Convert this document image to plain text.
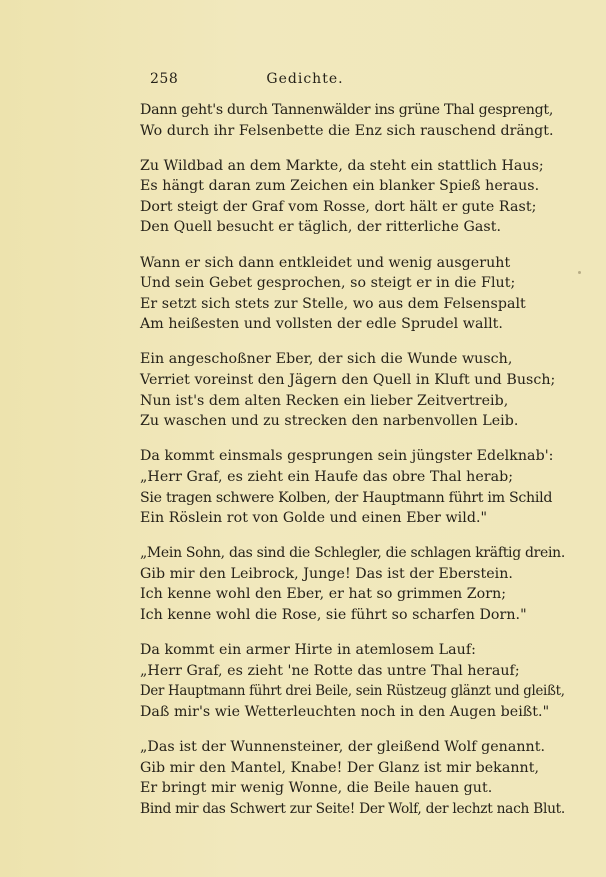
258	Gedichte.
Dann geht's durch Tannenwälder ins grüne Thal gesprengt,
Wo durch ihr Felsenbette die Enz sich rauschend drängt.
Zu Wildbad an dem Markte, da steht ein stattlich Haus;
Es hängt daran zum Zeichen ein blanker Spieß heraus.
Dort steigt der Graf vom Rosse, dort hält er gute Rast;
Den Quell besucht er täglich, der ritterliche Gast.
Wann er sich dann entkleidet und wenig ausgeruht
Und sein Gebet gesprochen, so steigt er in die Flut;
Er setzt sich stets zur Stelle, wo aus dem Felsenspalt
Am heißesten und vollsten der edle Sprudel wallt.
Ein angeschoßner Eber, der sich die Wunde wusch,
Verriet voreinst den Jägern den Quell in Kluft und Busch;
Nun ist's dem alten Recken ein lieber Zeitvertreib,
Zu waschen und zu strecken den narbenvollen Leib.
Da kommt einsmals gesprungen sein jüngster Edelknab':
„Herr Graf, es zieht ein Haufe das obre Thal herab;
Sie tragen schwere Kolben, der Hauptmann führt im Schild
Ein Röslein rot von Golde und einen Eber wild."
„Mein Sohn, das sind die Schlegler, die schlagen kräftig drein.
Gib mir den Leibrock, Junge! Das ist der Eberstein.
Ich kenne wohl den Eber, er hat so grimmen Zorn;
Ich kenne wohl die Rose, sie führt so scharfen Dorn."
Da kommt ein armer Hirte in atemlosem Lauf:
„Herr Graf, es zieht 'ne Rotte das untre Thal herauf;
Der Hauptmann führt drei Beile, sein Rüstzeug glänzt und gleißt,
Daß mir's wie Wetterleuchten noch in den Augen beißt."
„Das ist der Wunnensteiner, der gleißend Wolf genannt.
Gib mir den Mantel, Knabe! Der Glanz ist mir bekannt,
Er bringt mir wenig Wonne, die Beile hauen gut.
Bind mir das Schwert zur Seite! Der Wolf, der lechzt nach Blut.
